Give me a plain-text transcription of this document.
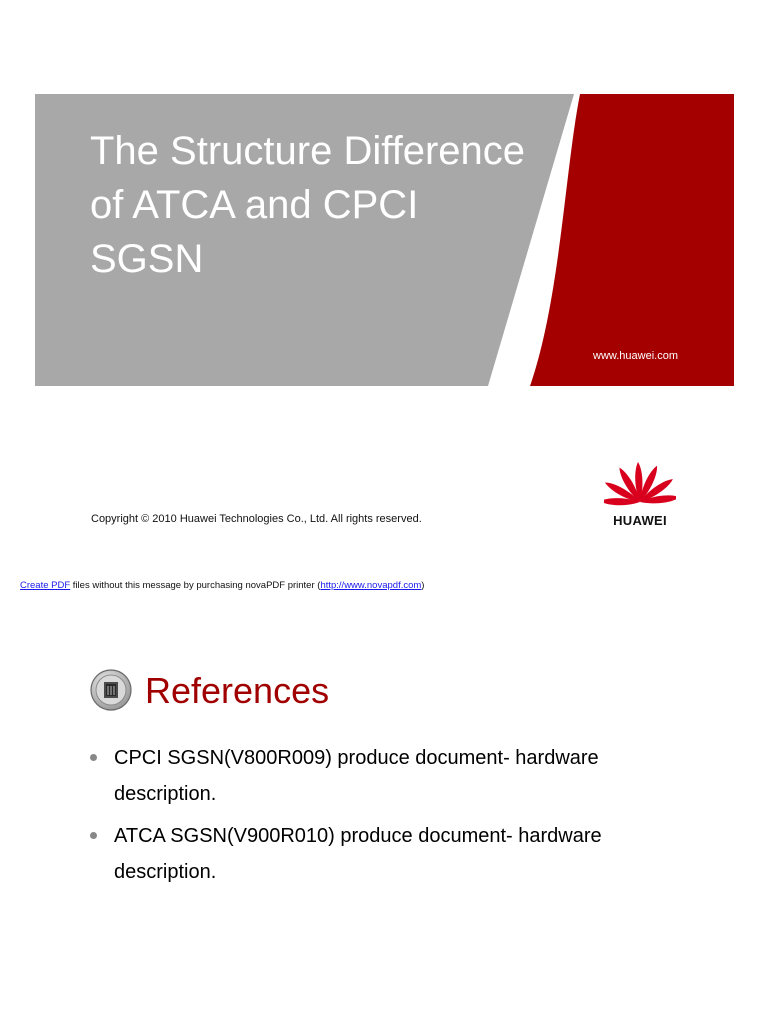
The Structure Difference of ATCA and CPCI SGSN
www.huawei.com
Copyright © 2010 Huawei Technologies Co., Ltd. All rights reserved.	HUAWEI
Create PDF files without this message by purchasing novaPDF printer (http://www.novapdf.com)
References
CPCI SGSN(V800R009) produce document- hardware description.
ATCA SGSN(V900R010) produce document- hardware description.
